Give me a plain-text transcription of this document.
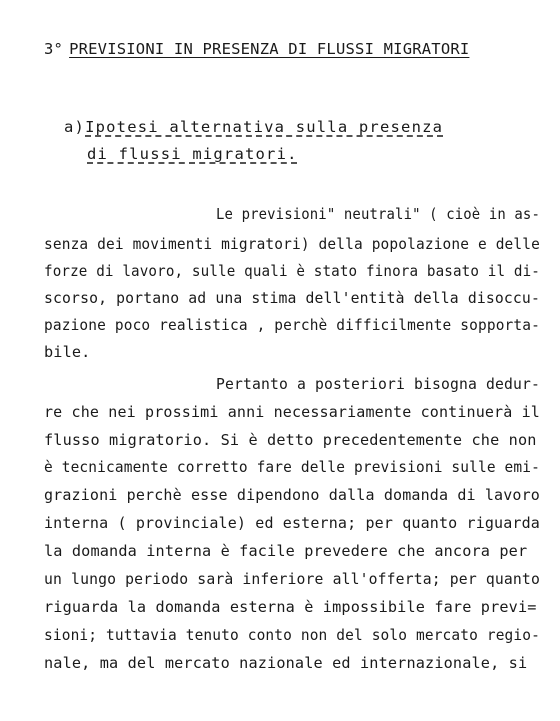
3° PREVISIONI IN PRESENZA DI FLUSSI MIGRATORI
a)Ipotesi alternativa sulla presenza
di flussi migratori.
Le previsioni" neutrali" ( cioè in as-
senza dei movimenti migratori) della popolazione e delle
forze di lavoro, sulle quali è stato finora basato il di-
scorso, portano ad una stima dell'entità della disoccu-
pazione poco realistica , perchè difficilmente sopporta-
bile.
Pertanto a posteriori bisogna dedur-
re che nei prossimi anni necessariamente continuerà il
flusso migratorio. Si è detto precedentemente che non
è tecnicamente corretto fare delle previsioni sulle emi-
grazioni perchè esse dipendono dalla domanda di lavoro
interna ( provinciale) ed esterna; per quanto riguarda
la domanda interna è facile prevedere che ancora per
un lungo periodo sarà inferiore all'offerta; per quanto
riguarda la domanda esterna è impossibile fare previ=
sioni; tuttavia tenuto conto non del solo mercato regio-
nale, ma del mercato nazionale ed internazionale, si
